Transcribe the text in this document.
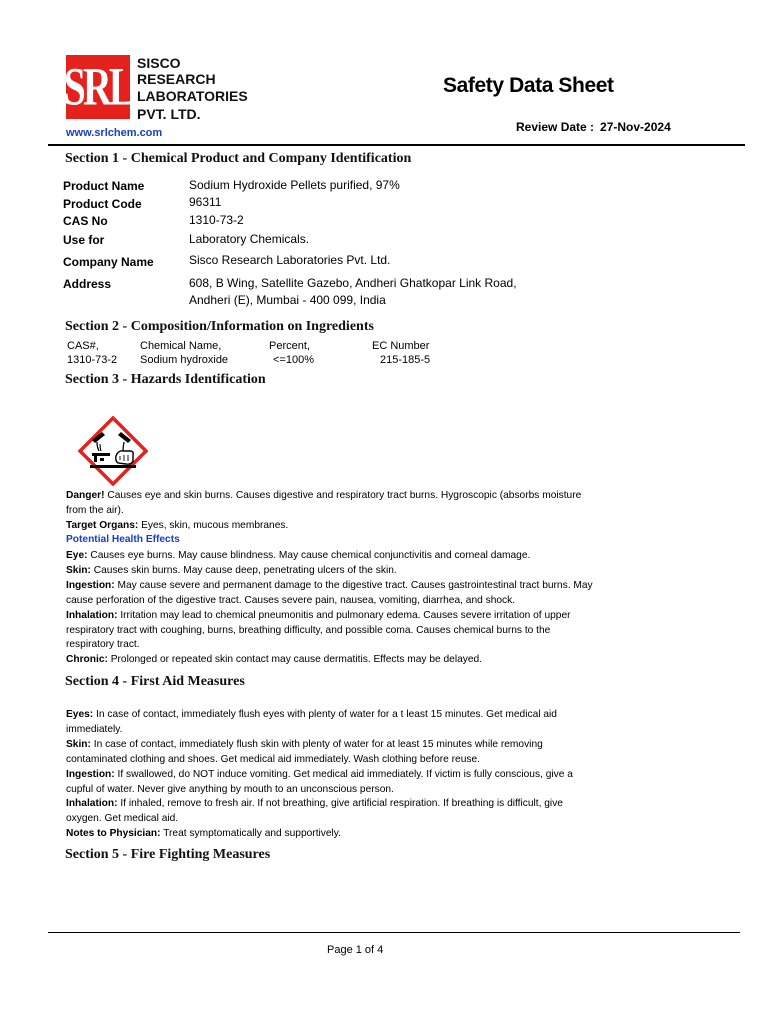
SRL SISCO
RESEARCH
LABORATORIES
PVT. LTD.
www.srlchem.com
Safety Data Sheet
Review Date : 27-Nov-2024
Section 1 - Chemical Product and Company Identification
Product Name	Sodium Hydroxide Pellets purified, 97%
Product Code	96311
CAS No	1310-73-2
Use for	Laboratory Chemicals.
Company Name	Sisco Research Laboratories Pvt. Ltd.
Address	608, B Wing, Satellite Gazebo, Andheri Ghatkopar Link Road,
Andheri (E), Mumbai - 400 099, India
Section 2 - Composition/Information on Ingredients
CAS#,	Chemical Name,	Percent,	EC Number
1310-73-2 Sodium hydroxide	<=100%	215-185-5
Section 3 - Hazards Identification
Danger! Causes eye and skin burns. Causes digestive and respiratory tract burns. Hygroscopic (absorbs moisture
from the air).
Target Organs: Eyes, skin, mucous membranes.
Potential Health Effects
Eye: Causes eye burns. May cause blindness. May cause chemical conjunctivitis and corneal damage.
Skin: Causes skin burns. May cause deep, penetrating ulcers of the skin.
Ingestion: May cause severe and permanent damage to the digestive tract. Causes gastrointestinal tract burns. May
cause perforation of the digestive tract. Causes severe pain, nausea, vomiting, diarrhea, and shock.
Inhalation: Irritation may lead to chemical pneumonitis and pulmonary edema. Causes severe irritation of upper
respiratory tract with coughing, burns, breathing difficulty, and possible coma. Causes chemical burns to the
respiratory tract.
Chronic: Prolonged or repeated skin contact may cause dermatitis. Effects may be delayed.
Section 4 - First Aid Measures
Eyes: In case of contact, immediately flush eyes with plenty of water for a t least 15 minutes. Get medical aid
immediately.
Skin: In case of contact, immediately flush skin with plenty of water for at least 15 minutes while removing
contaminated clothing and shoes. Get medical aid immediately. Wash clothing before reuse.
Ingestion: If swallowed, do NOT induce vomiting. Get medical aid immediately. If victim is fully conscious, give a
cupful of water. Never give anything by mouth to an unconscious person.
Inhalation: If inhaled, remove to fresh air. If not breathing, give artificial respiration. If breathing is difficult, give
oxygen. Get medical aid.
Notes to Physician: Treat symptomatically and supportively.
Section 5 - Fire Fighting Measures
Page 1 of 4
